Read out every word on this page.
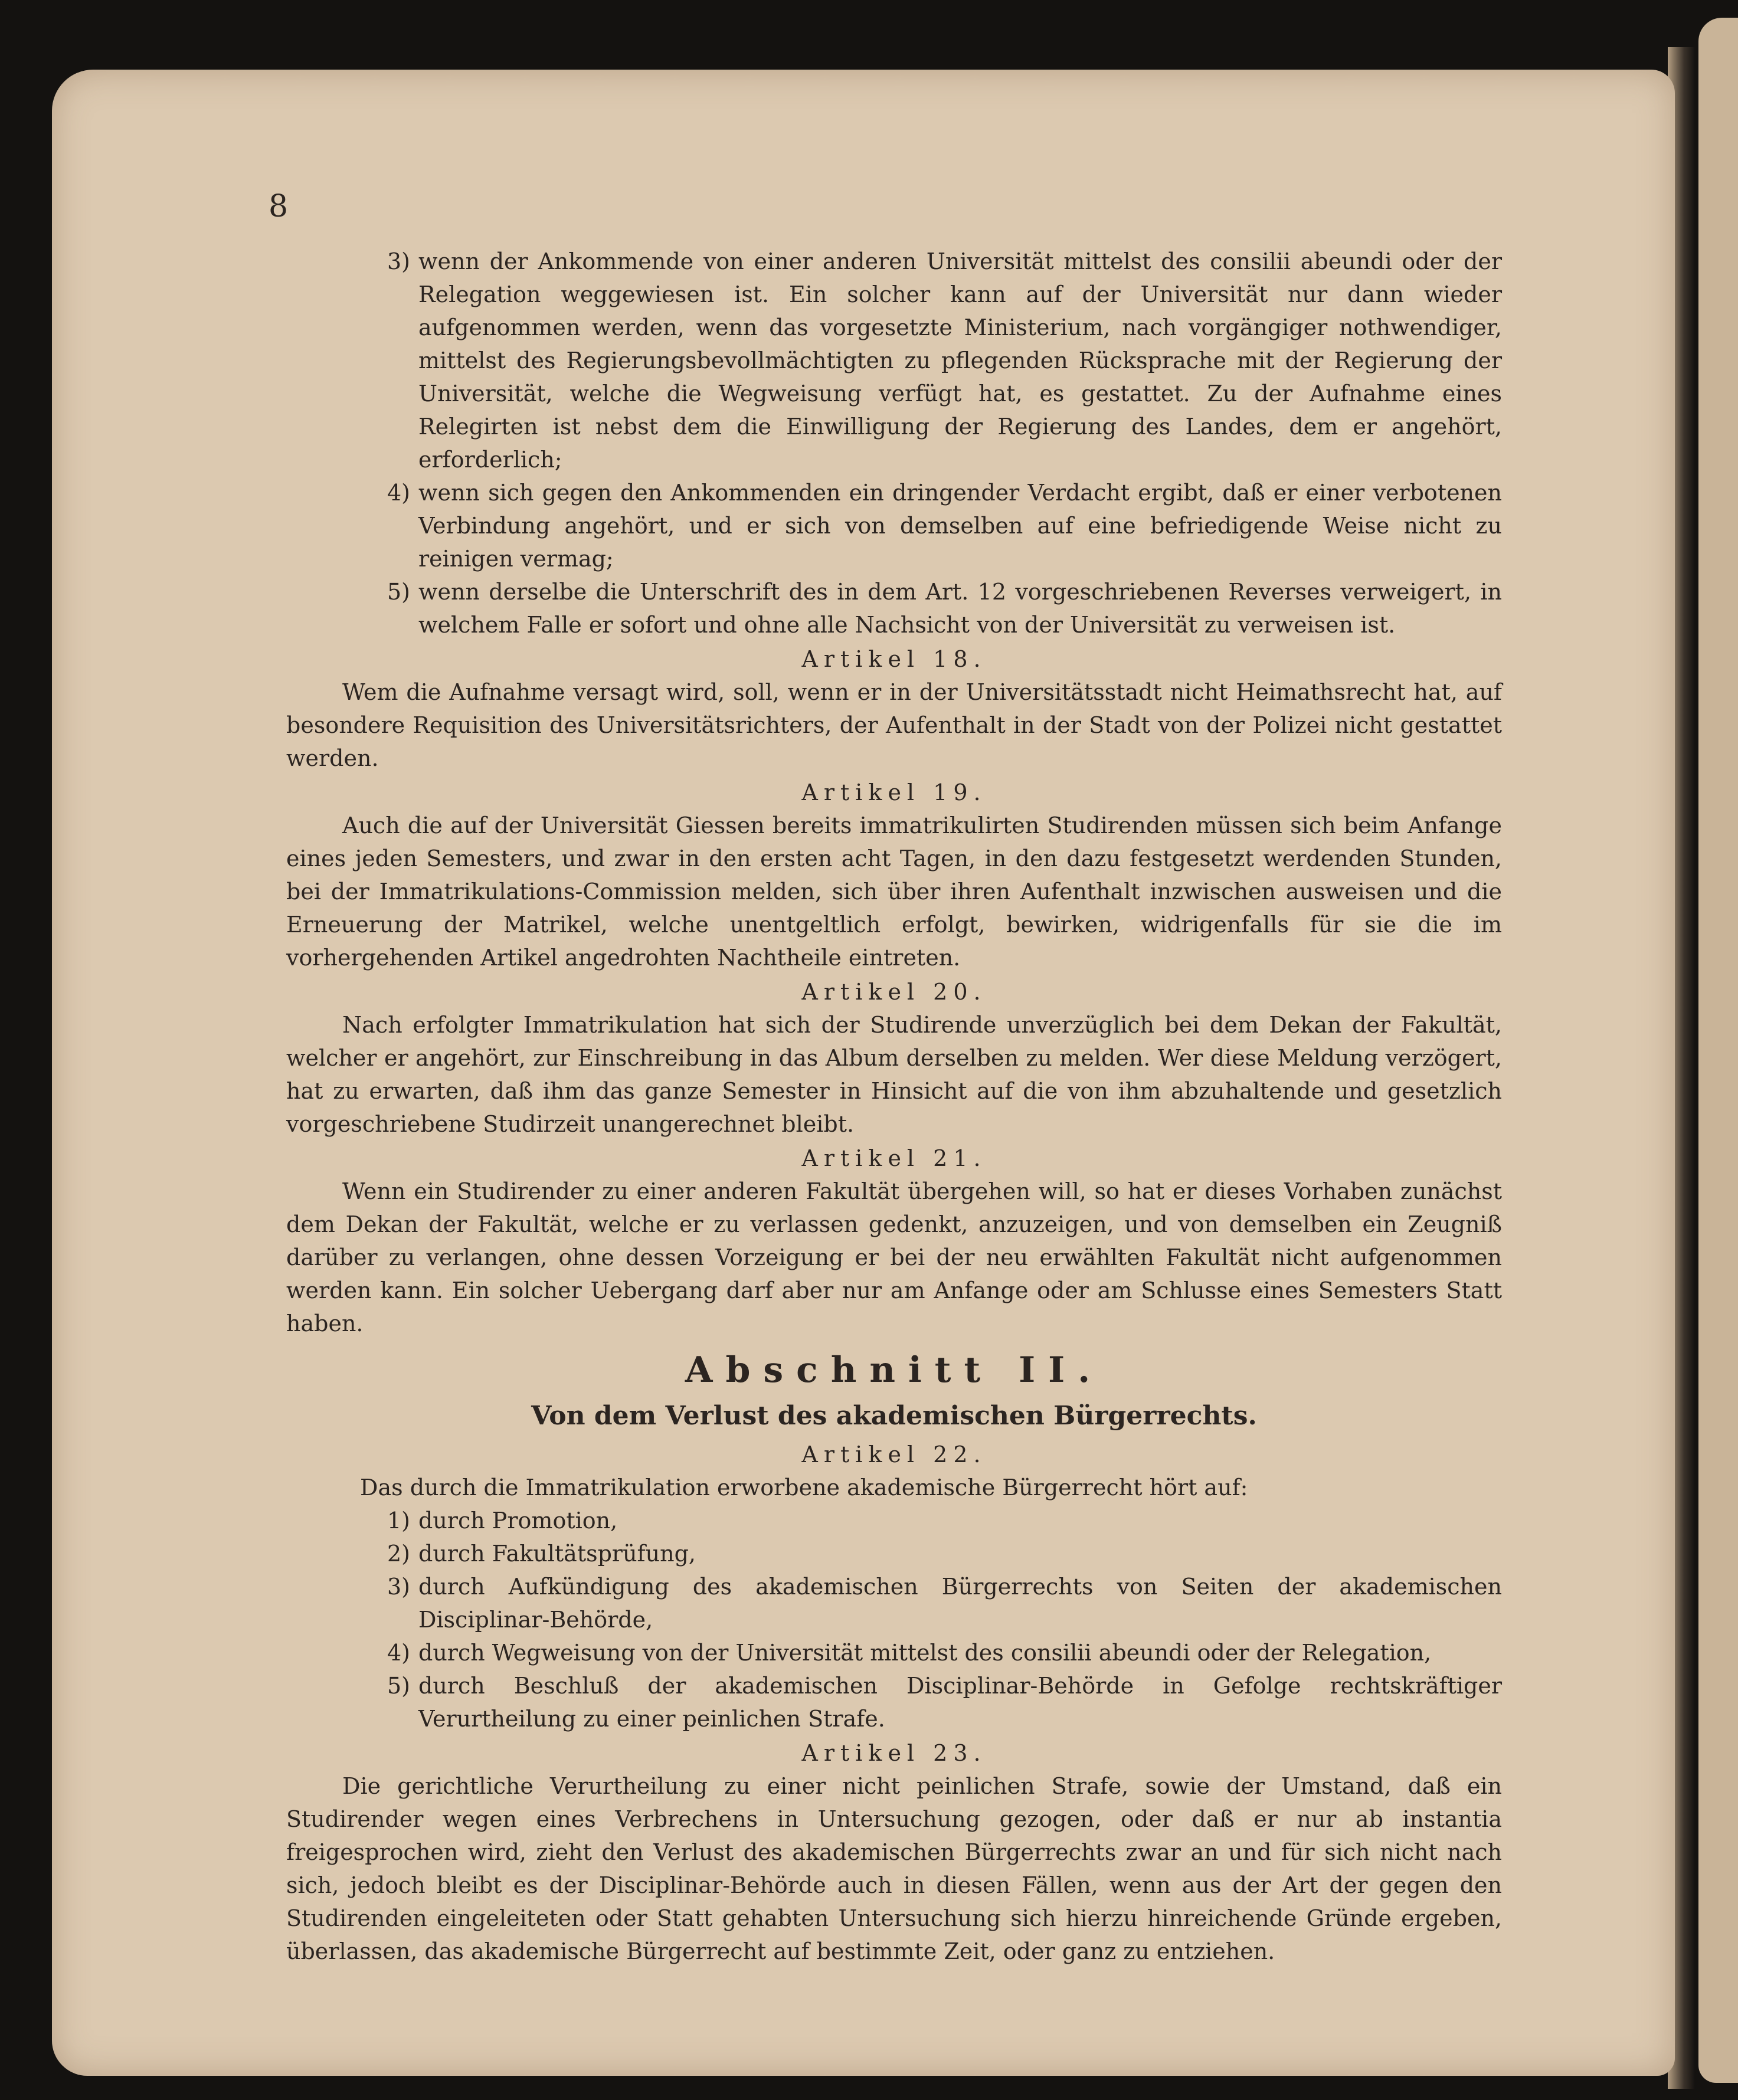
8

3) wenn der Ankommende von einer anderen Universität mittelst des consilii abeundi oder der Relegation weggewiesen ist. Ein solcher kann auf der Universität nur dann wieder aufgenommen werden, wenn das vorgesetzte Ministerium, nach vorgängiger nothwendiger, mittelst des Regierungsbevollmächtigten zu pflegenden Rücksprache mit der Regierung der Universität, welche die Wegweisung verfügt hat, es gestattet. Zu der Aufnahme eines Relegirten ist nebst dem die Einwilligung der Regierung des Landes, dem er angehört, erforderlich;
4) wenn sich gegen den Ankommenden ein dringender Verdacht ergibt, daß er einer verbotenen Verbindung angehört, und er sich von demselben auf eine befriedigende Weise nicht zu reinigen vermag;
5) wenn derselbe die Unterschrift des in dem Art. 12 vorgeschriebenen Reverses verweigert, in welchem Falle er sofort und ohne alle Nachsicht von der Universität zu verweisen ist.

Artikel 18.

Wem die Aufnahme versagt wird, soll, wenn er in der Universitätsstadt nicht Heimathsrecht hat, auf besondere Requisition des Universitätsrichters, der Aufenthalt in der Stadt von der Polizei nicht gestattet werden.

Artikel 19.

Auch die auf der Universität Giessen bereits immatrikulirten Studirenden müssen sich beim Anfange eines jeden Semesters, und zwar in den ersten acht Tagen, in den dazu festgesetzt werdenden Stunden, bei der Immatrikulations-Commission melden, sich über ihren Aufenthalt inzwischen ausweisen und die Erneuerung der Matrikel, welche unentgeltlich erfolgt, bewirken, widrigenfalls für sie die im vorhergehenden Artikel angedrohten Nachtheile eintreten.

Artikel 20.

Nach erfolgter Immatrikulation hat sich der Studirende unverzüglich bei dem Dekan der Fakultät, welcher er angehört, zur Einschreibung in das Album derselben zu melden. Wer diese Meldung verzögert, hat zu erwarten, daß ihm das ganze Semester in Hinsicht auf die von ihm abzuhaltende und gesetzlich vorgeschriebene Studirzeit unangerechnet bleibt.

Artikel 21.

Wenn ein Studirender zu einer anderen Fakultät übergehen will, so hat er dieses Vorhaben zunächst dem Dekan der Fakultät, welche er zu verlassen gedenkt, anzuzeigen, und von demselben ein Zeugniß darüber zu verlangen, ohne dessen Vorzeigung er bei der neu erwählten Fakultät nicht aufgenommen werden kann. Ein solcher Uebergang darf aber nur am Anfange oder am Schlusse eines Semesters Statt haben.

Abschnitt II.

Von dem Verlust des akademischen Bürgerrechts.

Artikel 22.

Das durch die Immatrikulation erworbene akademische Bürgerrecht hört auf:

1) durch Promotion,
2) durch Fakultätsprüfung,
3) durch Aufkündigung des akademischen Bürgerrechts von Seiten der akademischen Disciplinar-Behörde,
4) durch Wegweisung von der Universität mittelst des consilii abeundi oder der Relegation,
5) durch Beschluß der akademischen Disciplinar-Behörde in Gefolge rechtskräftiger Verurtheilung zu einer peinlichen Strafe.

Artikel 23.

Die gerichtliche Verurtheilung zu einer nicht peinlichen Strafe, sowie der Umstand, daß ein Studirender wegen eines Verbrechens in Untersuchung gezogen, oder daß er nur ab instantia freigesprochen wird, zieht den Verlust des akademischen Bürgerrechts zwar an und für sich nicht nach sich, jedoch bleibt es der Disciplinar-Behörde auch in diesen Fällen, wenn aus der Art der gegen den Studirenden eingeleiteten oder Statt gehabten Untersuchung sich hierzu hinreichende Gründe ergeben, überlassen, das akademische Bürgerrecht auf bestimmte Zeit, oder ganz zu entziehen.
